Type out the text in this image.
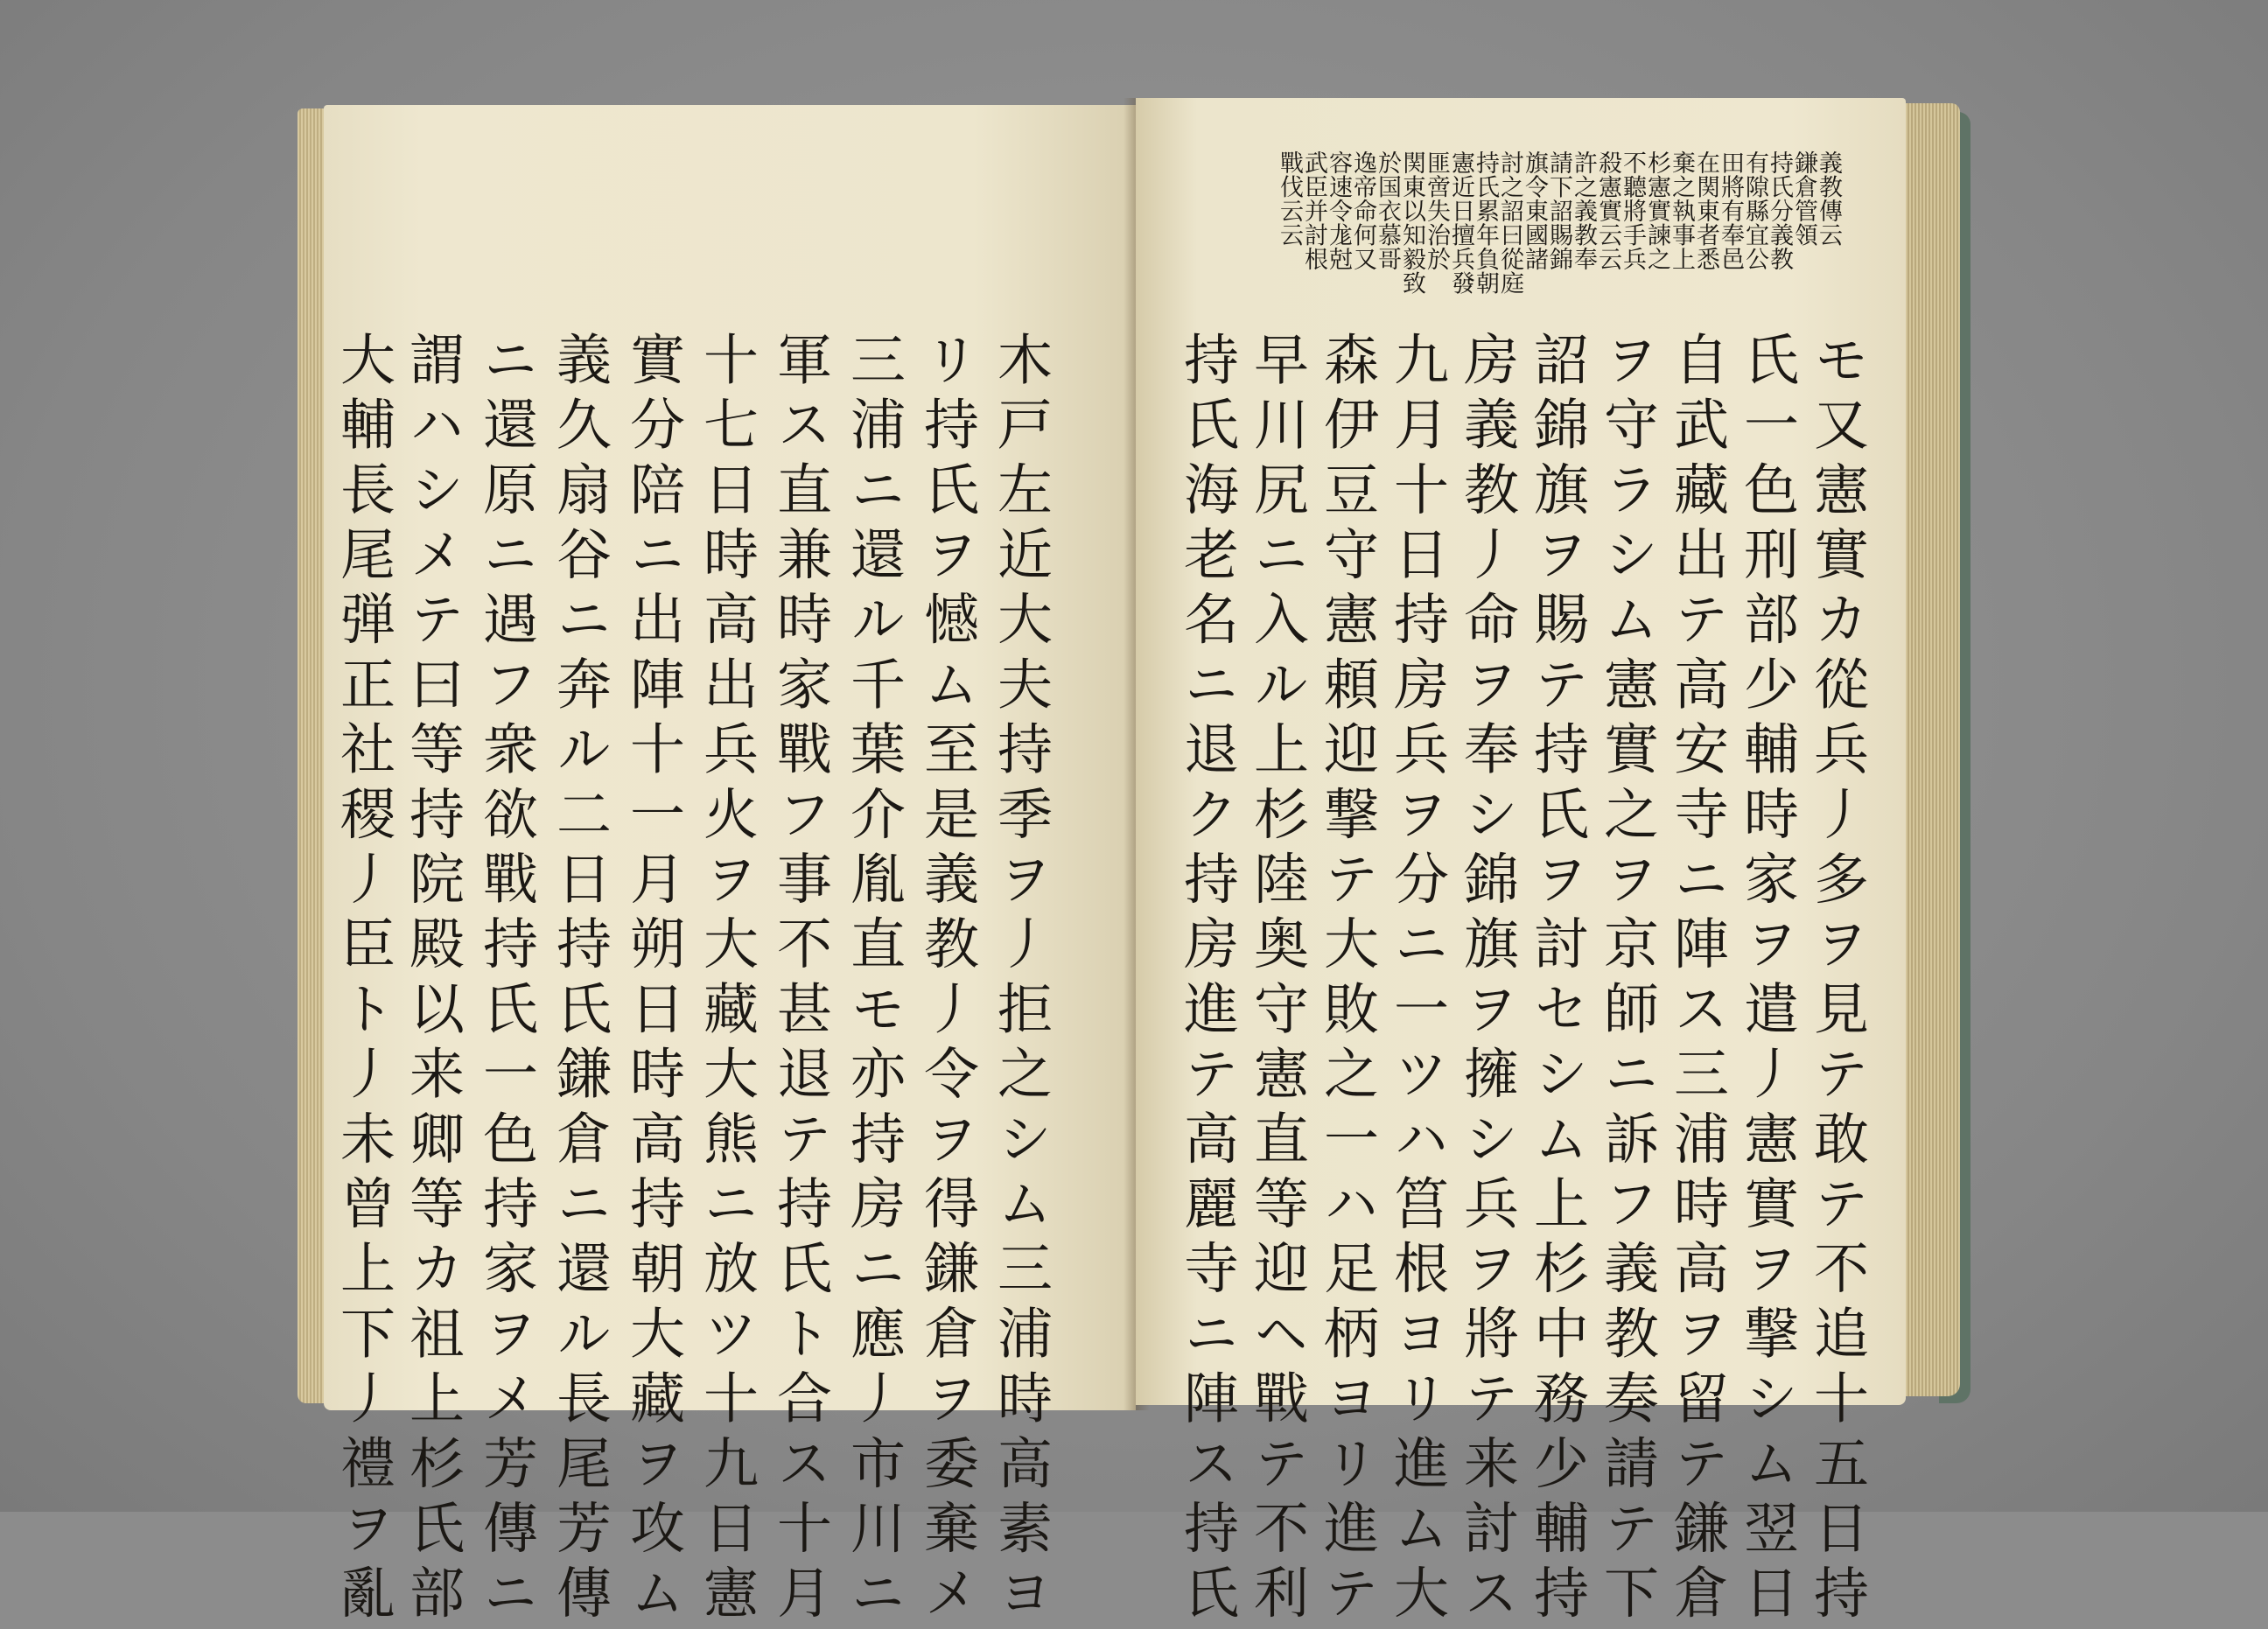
木戸左近大夫持季ヲ丿拒之シム三浦時高素ヨ
リ持氏ヲ憾ム至是義教丿令ヲ得鎌倉ヲ委棄メ
三浦ニ還ル千葉介胤直モ亦持房ニ應丿市川ニ
軍ス直兼時家戰フ事不甚退テ持氏ト合ス十月
十七日時高出兵火ヲ大藏大熊ニ放ツ十九日憲
實分陪ニ出陣十一月朔日時高持朝大藏ヲ攻ム
義久扇谷ニ奔ル二日持氏鎌倉ニ還ル長尾芳傳
ニ還原ニ遇フ衆欲戰持氏一色持家ヲメ芳傳ニ
謂ハシメテ曰等持院殿以来卿等カ祖上杉氏部
大輔長尾弾正社稷丿臣ト丿未曾上下丿禮ヲ亂
義教傳云
鎌倉管領
持氏分義教
有隙縣宜公
田將有奉邑
在関東者悉
棄之執事上
杉憲實諫之
不聽將手兵
殺憲實云云
許之義教奉
請下詔賜錦
旗令東國諸
討之詔曰從庭
持氏累年負朝
憲近日擅兵發
匪啻失治於
関東以知毅致
於国衣慕哥
逸帝命何又
容速令尨尅
武臣并討根
戰伐云云
モ又憲實カ從兵丿多ヲ見テ敢テ不追十五日持
氏一色刑部少輔時家ヲ遣丿憲實ヲ撃シム翌日
自武藏出テ高安寺ニ陣ス三浦時高ヲ留テ鎌倉
ヲ守ラシム憲實之ヲ京師ニ訴フ義教奏請テ下
詔錦旗ヲ賜テ持氏ヲ討セシム上杉中務少輔持
房義教丿命ヲ奉シ錦旗ヲ擁シ兵ヲ將テ来討ス
九月十日持房兵ヲ分ニ一ツハ筥根ヨリ進ム大
森伊豆守憲頼迎撃テ大敗之一ハ足柄ヨリ進テ
早川尻ニ入ル上杉陸奥守憲直等迎ヘ戰テ不利
持氏海老名ニ退ク持房進テ高麗寺ニ陣ス持氏
